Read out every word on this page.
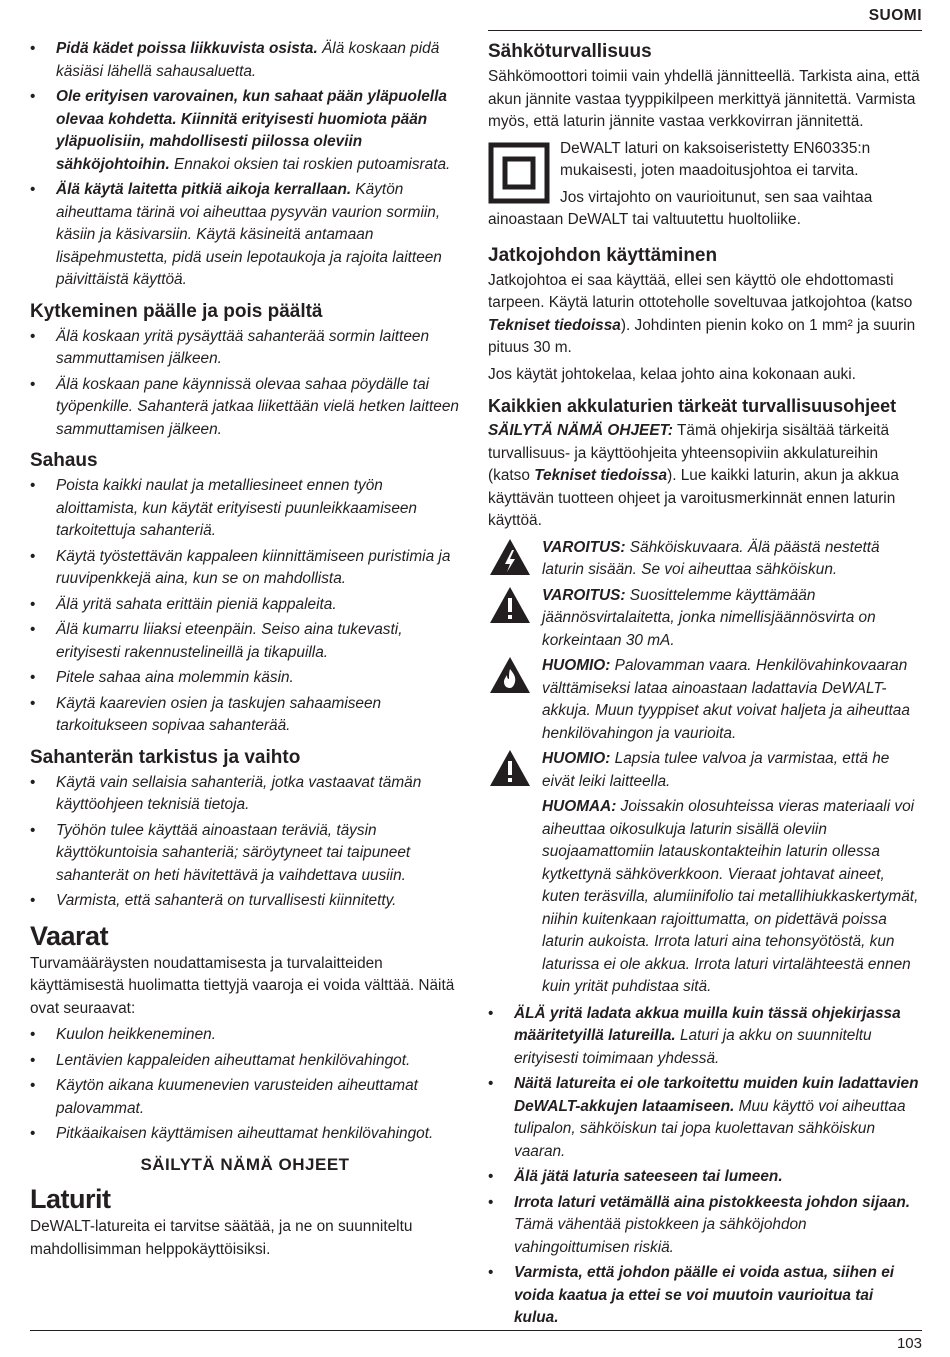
SUOMI
• Pidä kädet poissa liikkuvista osista. Älä koskaan pidä käsiäsi lähellä sahausaluetta.
• Ole erityisen varovainen, kun sahaat pään yläpuolella olevaa kohdetta. Kiinnitä erityisesti huomiota pään yläpuolisiin, mahdollisesti piilossa oleviin sähköjohtoihin. Ennakoi oksien tai roskien putoamisrata.
• Älä käytä laitetta pitkiä aikoja kerrallaan. Käytön aiheuttama tärinä voi aiheuttaa pysyvän vaurion sormiin, käsiin ja käsivarsiin. Käytä käsineitä antamaan lisäpehmustetta, pidä usein lepotaukoja ja rajoita laitteen päivittäistä käyttöä.
Kytkeminen päälle ja pois päältä
• Älä koskaan yritä pysäyttää sahanterää sormin laitteen sammuttamisen jälkeen.
• Älä koskaan pane käynnissä olevaa sahaa pöydälle tai työpenkille. Sahanterä jatkaa liikettään vielä hetken laitteen sammuttamisen jälkeen.
Sahaus
• Poista kaikki naulat ja metalliesineet ennen työn aloittamista, kun käytät erityisesti puunleikkaamiseen tarkoitettuja sahanteriä.
• Käytä työstettävän kappaleen kiinnittämiseen puristimia ja ruuvipenkkejä aina, kun se on mahdollista.
• Älä yritä sahata erittäin pieniä kappaleita.
• Älä kumarru liiaksi eteenpäin. Seiso aina tukevasti, erityisesti rakennustelineillä ja tikapuilla.
• Pitele sahaa aina molemmin käsin.
• Käytä kaarevien osien ja taskujen sahaamiseen tarkoitukseen sopivaa sahanterää.
Sahanterän tarkistus ja vaihto
• Käytä vain sellaisia sahanteriä, jotka vastaavat tämän käyttöohjeen teknisiä tietoja.
• Työhön tulee käyttää ainoastaan teräviä, täysin käyttökuntoisia sahanteriä; säröytyneet tai taipuneet sahanterät on heti hävitettävä ja vaihdettava uusiin.
• Varmista, että sahanterä on turvallisesti kiinnitetty.
Vaarat

Turvamääräysten noudattamisesta ja turvalaitteiden käyttämisestä huolimatta tiettyjä vaaroja ei voida välttää. Näitä ovat seuraavat:

• Kuulon heikkeneminen.
• Lentävien kappaleiden aiheuttamat henkilövahingot.
• Käytön aikana kuumenevien varusteiden aiheuttamat palovammat.
• Pitkäaikaisen käyttämisen aiheuttamat henkilövahingot.
SÄILYTÄ NÄMÄ OHJEET
Laturit

DeWALT-latureita ei tarvitse säätää, ja ne on suunniteltu mahdollisimman helppokäyttöisiksi.

Sähköturvallisuus

Sähkömoottori toimii vain yhdellä jännitteellä. Tarkista aina, että akun jännite vastaa tyyppikilpeen merkittyä jännitettä. Varmista myös, että laturin jännite vastaa verkkovirran jännitettä.

DeWALT laturi on kaksoiseristetty EN60335:n mukaisesti, joten maadoitusjohtoa ei tarvita.

Jos virtajohto on vaurioitunut, sen saa vaihtaa ainoastaan DeWALT tai valtuutettu huoltoliike.

Jatkojohdon käyttäminen

Jatkojohtoa ei saa käyttää, ellei sen käyttö ole ehdottomasti tarpeen. Käytä laturin ottoteholle soveltuvaa jatkojohtoa (katso Tekniset tiedoissa). Johdinten pienin koko on 1 mm² ja suurin pituus 30 m.

Jos käytät johtokelaa, kelaa johto aina kokonaan auki.

Kaikkien akkulaturien tärkeät turvallisuusohjeet

SÄILYTÄ NÄMÄ OHJEET: Tämä ohjekirja sisältää tärkeitä turvallisuus- ja käyttöohjeita yhteensopiviin akkulatureihin (katso Tekniset tiedoissa). Lue kaikki laturin, akun ja akkua käyttävän tuotteen ohjeet ja varoitusmerkinnät ennen laturin käyttöä.

VAROITUS: Sähköiskuvaara. Älä päästä nestettä laturin sisään. Se voi aiheuttaa sähköiskun.
VAROITUS: Suosittelemme käyttämään jäännösvirtalaitetta, jonka nimellisjäännösvirta on korkeintaan 30 mA.
HUOMIO: Palovamman vaara. Henkilövahinkovaaran välttämiseksi lataa ainoastaan ladattavia DeWALT-akkuja. Muun tyyppiset akut voivat haljeta ja aiheuttaa henkilövahingon ja vaurioita.
HUOMIO: Lapsia tulee valvoa ja varmistaa, että he eivät leiki laitteella.
HUOMAA: Joissakin olosuhteissa vieras materiaali voi aiheuttaa oikosulkuja laturin sisällä oleviin suojaamattomiin latauskontakteihin laturin ollessa kytkettynä sähköverkkoon. Vieraat johtavat aineet, kuten teräsvilla, alumiinifolio tai metallihiukkaskertymät, niihin kuitenkaan rajoittumatta, on pidettävä poissa laturin aukoista. Irrota laturi aina tehonsyötöstä, kun laturissa ei ole akkua. Irrota laturi virtalähteestä ennen kuin yrität puhdistaa sitä.
• ÄLÄ yritä ladata akkua muilla kuin tässä ohjekirjassa määritetyillä latureilla. Laturi ja akku on suunniteltu erityisesti toimimaan yhdessä.
• Näitä latureita ei ole tarkoitettu muiden kuin ladattavien DeWALT-akkujen lataamiseen. Muu käyttö voi aiheuttaa tulipalon, sähköiskun tai jopa kuolettavan sähköiskun vaaran.
• Älä jätä laturia sateeseen tai lumeen.
• Irrota laturi vetämällä aina pistokkeesta johdon sijaan. Tämä vähentää pistokkeen ja sähköjohdon vahingoittumisen riskiä.
• Varmista, että johdon päälle ei voida astua, siihen ei voida kaatua ja ettei se voi muutoin vaurioitua tai kulua.
103
